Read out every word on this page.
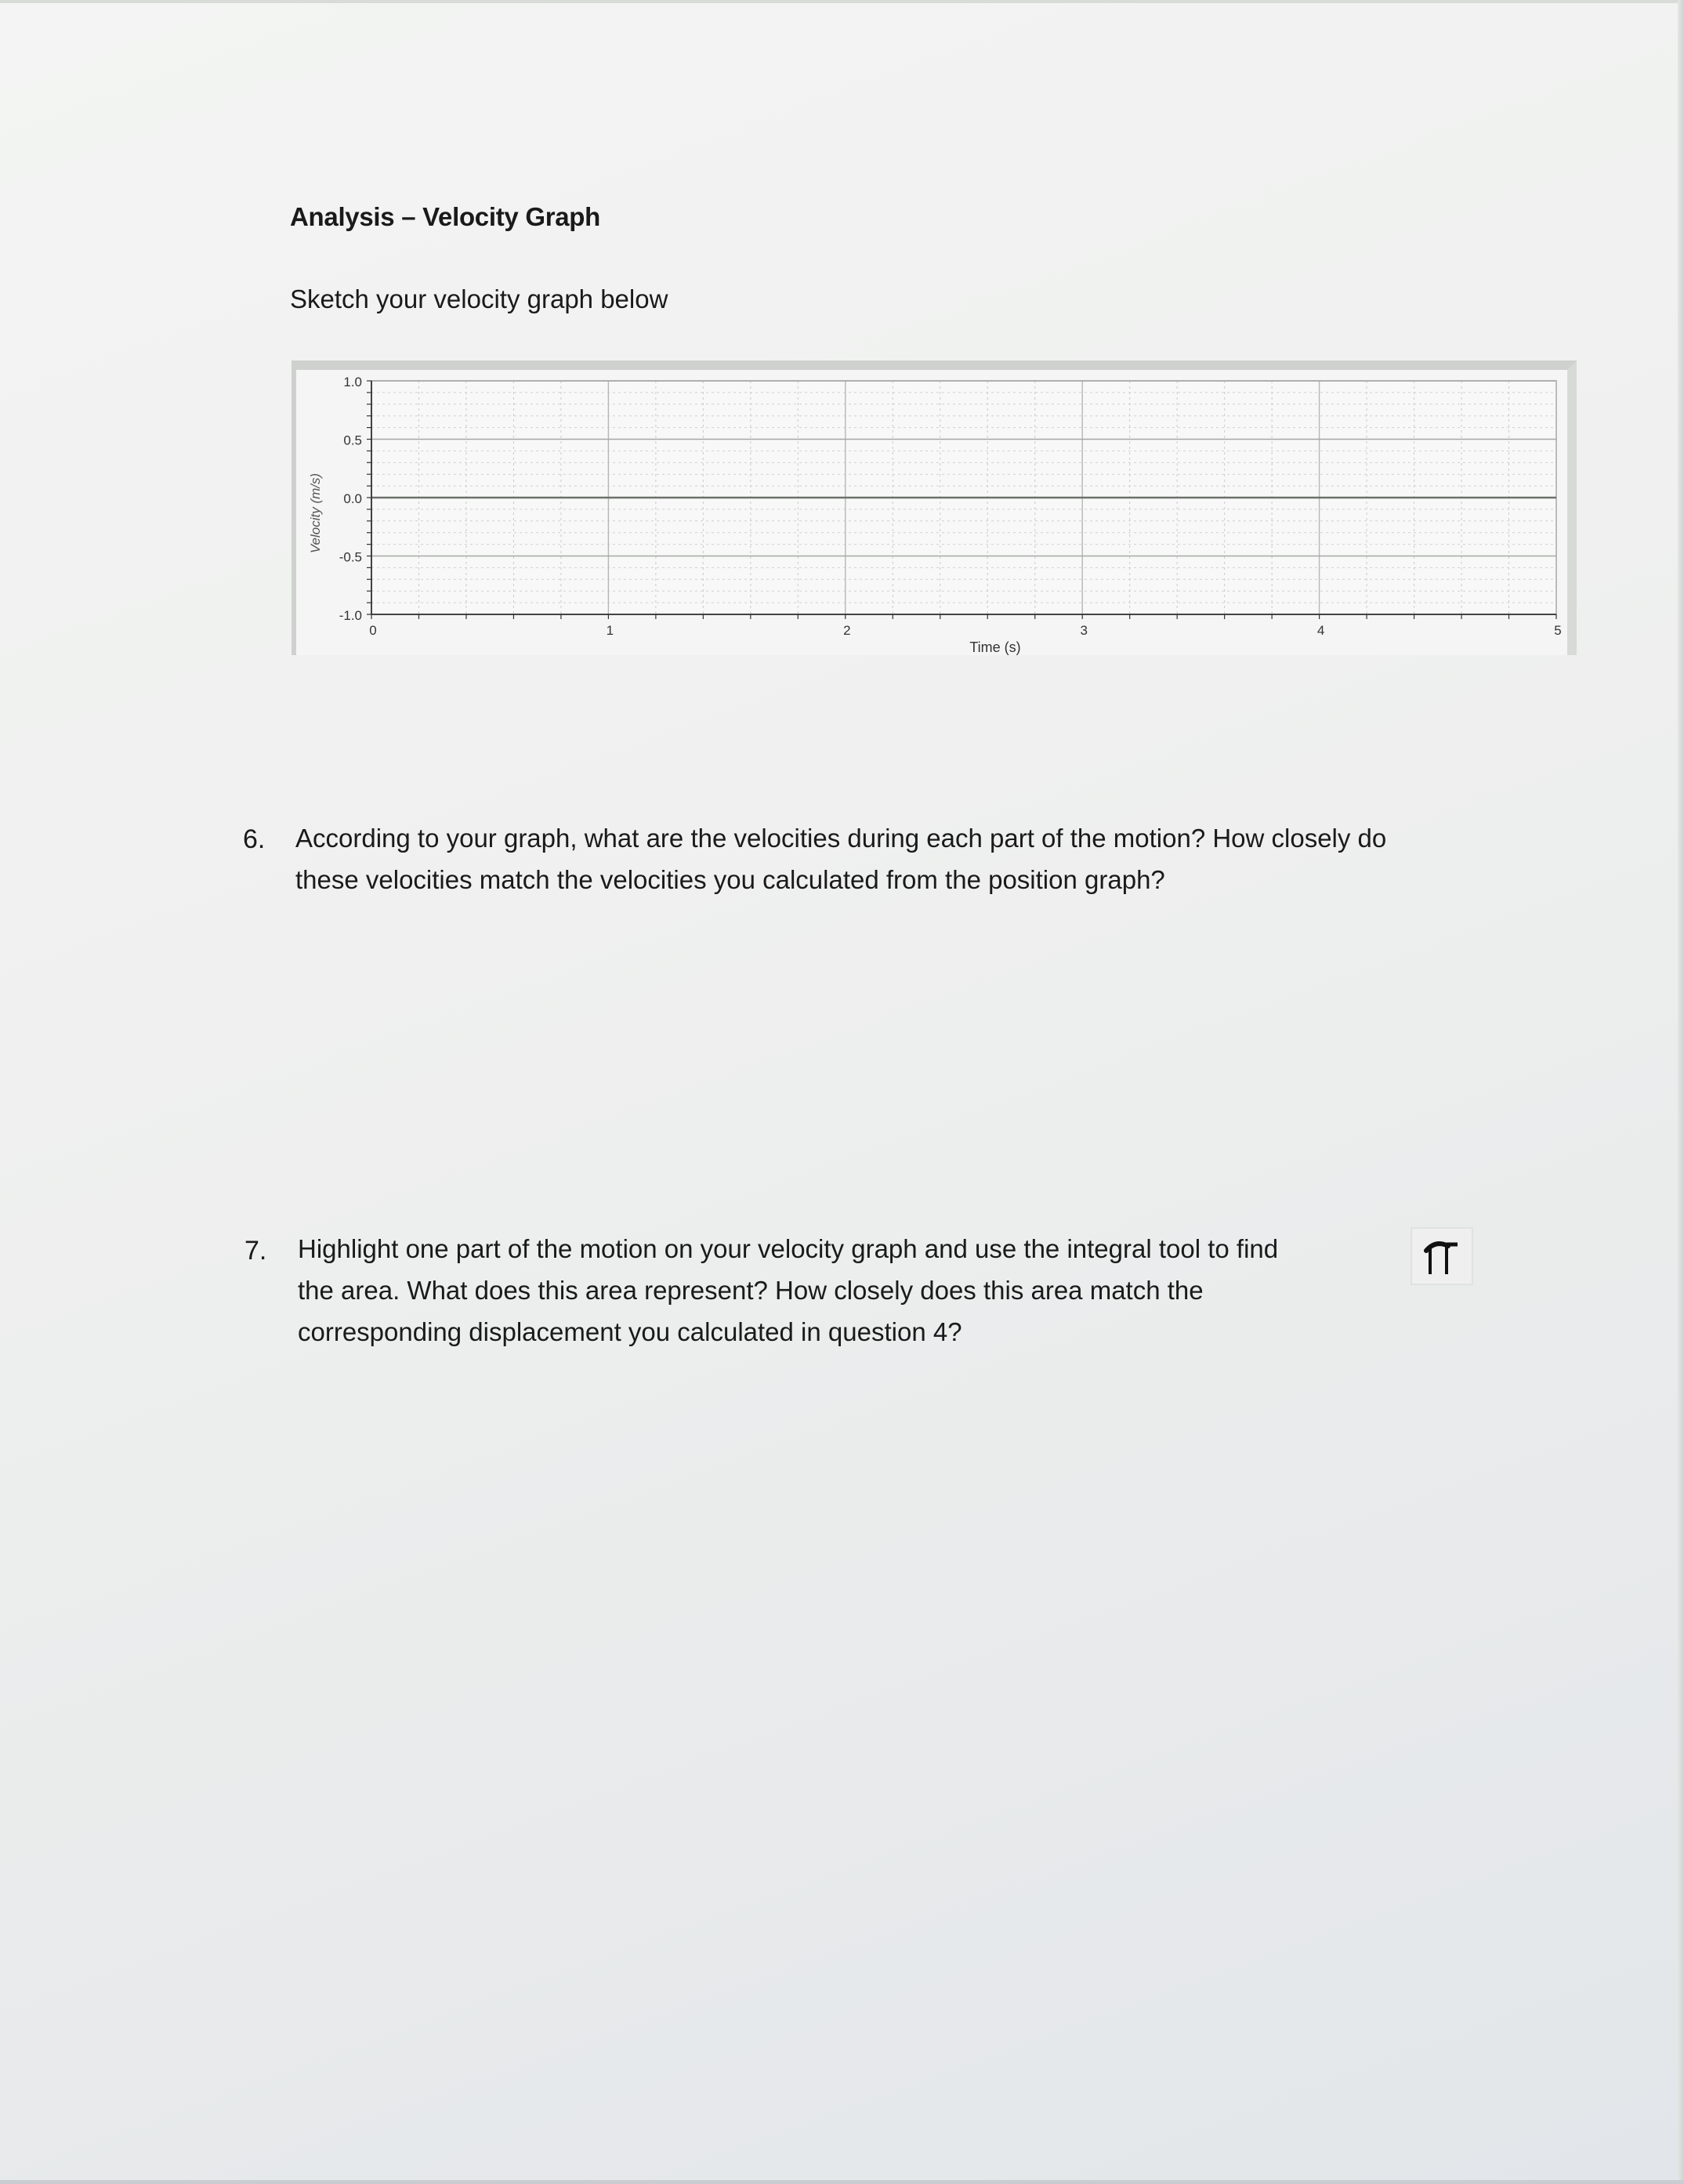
Analysis – Velocity Graph
Sketch your velocity graph below
1.0
0.5
0.0
-0.5
-1.0
0	1	2	3	4	5
Time (s)
Velocity (m/s)
6. According to your graph, what are the velocities during each part of the motion? How closely do
these velocities match the velocities you calculated from the position graph?
7. Highlight one part of the motion on your velocity graph and use the integral tool to find
the area. What does this area represent? How closely does this area match the
corresponding displacement you calculated in question 4?
